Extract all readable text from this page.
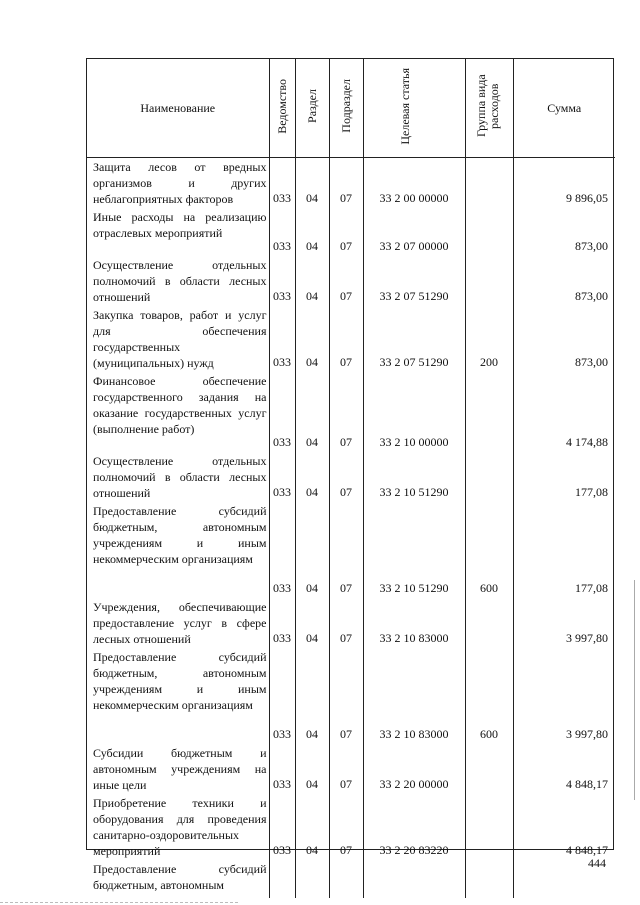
Наименование	Ведомство	Раздел	Подраздел	Целевая статья	Группа вида расходов	Сумма
Защита лесов от вредных организмов и других неблагоприятных факторов	033	04	07	33 2 00 00000		9 896,05
Иные расходы на реализацию отраслевых мероприятий	033	04	07	33 2 07 00000		873,00
Осуществление отдельных полномочий в области лесных отношений	033	04	07	33 2 07 51290		873,00
Закупка товаров, работ и услуг для обеспечения государственных (муниципальных) нужд	033	04	07	33 2 07 51290	200	873,00
Финансовое обеспечение государственного задания на оказание государственных услуг (выполнение работ)	033	04	07	33 2 10 00000		4 174,88
Осуществление отдельных полномочий в области лесных отношений	033	04	07	33 2 10 51290		177,08
Предоставление субсидий бюджетным, автономным учреждениям и иным некоммерческим организациям	033	04	07	33 2 10 51290	600	177,08
Учреждения, обеспечивающие предоставление услуг в сфере лесных отношений	033	04	07	33 2 10 83000		3 997,80
Предоставление субсидий бюджетным, автономным учреждениям и иным некоммерческим организациям	033	04	07	33 2 10 83000	600	3 997,80
Субсидии бюджетным и автономным учреждениям на иные цели	033	04	07	33 2 20 00000		4 848,17
Приобретение техники и оборудования для проведения санитарно-оздоровительных мероприятий	033	04	07	33 2 20 83220		4 848,17
Предоставление субсидий бюджетным, автономным						
444
